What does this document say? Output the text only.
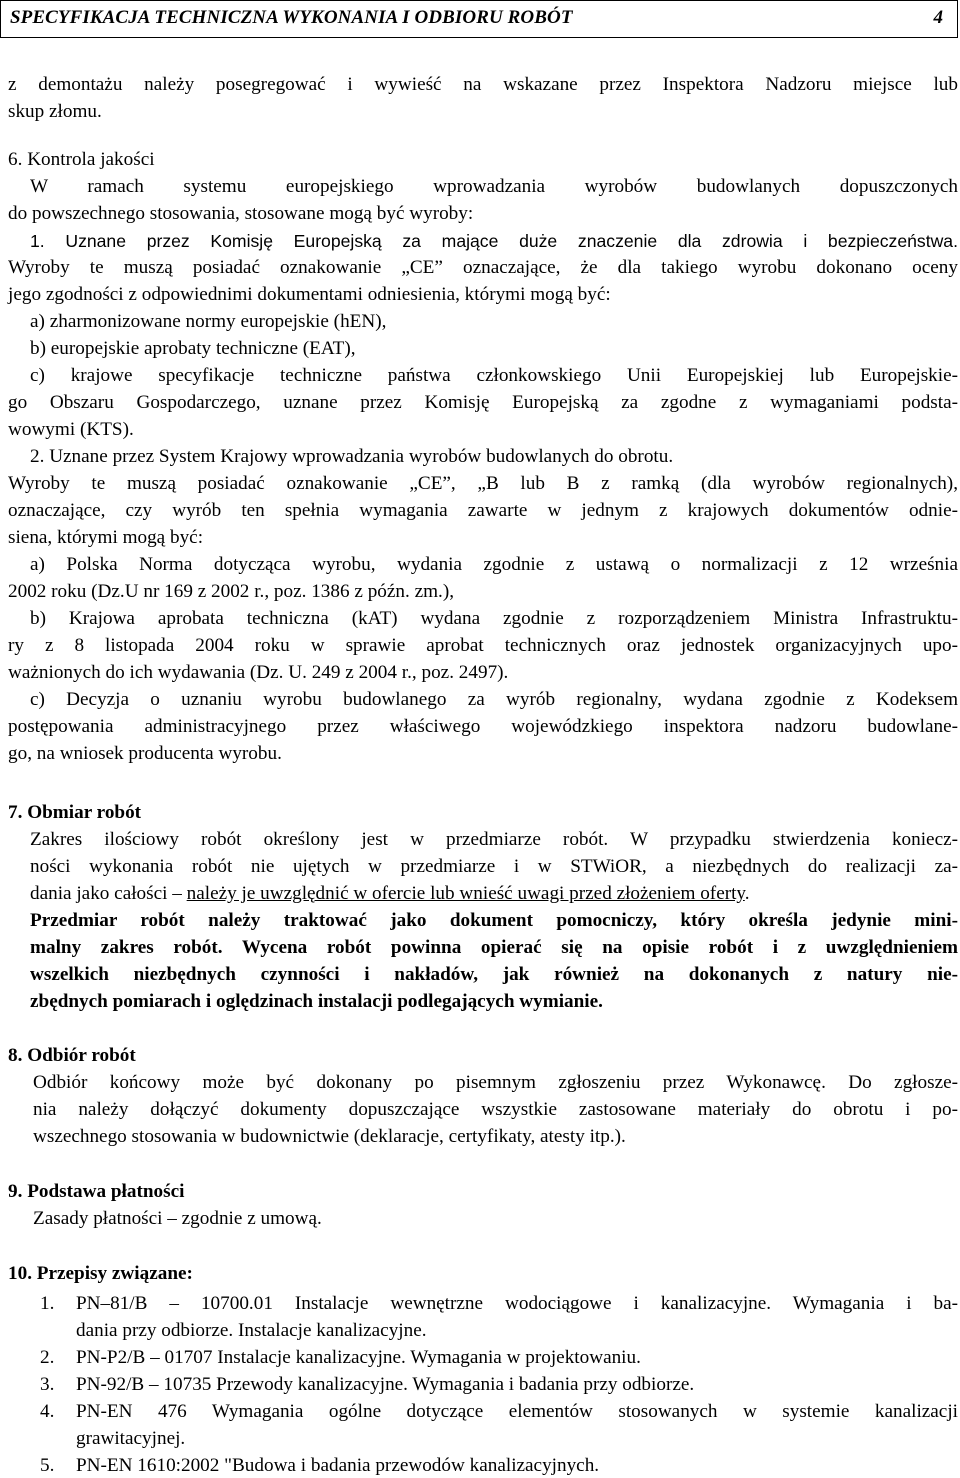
SPECYFIKACJA TECHNICZNA WYKONANIA I ODBIORU ROBÓT	4
z demontażu należy posegregować i wywieść na wskazane przez Inspektora Nadzoru miejsce lub
skup złomu.
6. Kontrola jakości
W ramach systemu europejskiego wprowadzania wyrobów budowlanych dopuszczonych
do powszechnego stosowania, stosowane mogą być wyroby:
1. Uznane przez Komisję Europejską za mające duże znaczenie dla zdrowia i bezpieczeństwa.
Wyroby te muszą posiadać oznakowanie „CE” oznaczające, że dla takiego wyrobu dokonano oceny
jego zgodności z odpowiednimi dokumentami odniesienia, którymi mogą być:
a) zharmonizowane normy europejskie (hEN),
b) europejskie aprobaty techniczne (EAT),
c) krajowe specyfikacje techniczne państwa członkowskiego Unii Europejskiej lub Europejskie-
go Obszaru Gospodarczego, uznane przez Komisję Europejską za zgodne z wymaganiami podsta-
wowymi (KTS).
2. Uznane przez System Krajowy wprowadzania wyrobów budowlanych do obrotu.
Wyroby te muszą posiadać oznakowanie „CE”, „B lub B z ramką (dla wyrobów regionalnych),
oznaczające, czy wyrób ten spełnia wymagania zawarte w jednym z krajowych dokumentów odnie-
siena, którymi mogą być:
a) Polska Norma dotycząca wyrobu, wydania zgodnie z ustawą o normalizacji z 12 września
2002 roku (Dz.U nr 169 z 2002 r., poz. 1386 z późn. zm.),
b) Krajowa aprobata techniczna (kAT) wydana zgodnie z rozporządzeniem Ministra Infrastruktu-
ry z 8 listopada 2004 roku w sprawie aprobat technicznych oraz jednostek organizacyjnych upo-
ważnionych do ich wydawania (Dz. U. 249 z 2004 r., poz. 2497).
c) Decyzja o uznaniu wyrobu budowlanego za wyrób regionalny, wydana zgodnie z Kodeksem
postępowania administracyjnego przez właściwego wojewódzkiego inspektora nadzoru budowlane-
go, na wniosek producenta wyrobu.
7. Obmiar robót
Zakres ilościowy robót określony jest w przedmiarze robót. W przypadku stwierdzenia koniecz-
ności wykonania robót nie ujętych w przedmiarze i w STWiOR, a niezbędnych do realizacji za-
dania jako całości – należy je uwzględnić w ofercie lub wnieść uwagi przed złożeniem oferty.
Przedmiar robót należy traktować jako dokument pomocniczy, który określa jedynie mini-
malny zakres robót. Wycena robót powinna opierać się na opisie robót i z uwzględnieniem
wszelkich niezbędnych czynności i nakładów, jak również na dokonanych z natury nie-
zbędnych pomiarach i oględzinach instalacji podlegających wymianie.
8. Odbiór robót
Odbiór końcowy może być dokonany po pisemnym zgłoszeniu przez Wykonawcę. Do zgłosze-
nia należy dołączyć dokumenty dopuszczające wszystkie zastosowane materiały do obrotu i po-
wszechnego stosowania w budownictwie (deklaracje, certyfikaty, atesty itp.).
9. Podstawa płatności
Zasady płatności – zgodnie z umową.
10. Przepisy związane:
1. PN–81/B – 10700.01 Instalacje wewnętrzne wodociągowe i kanalizacyjne. Wymagania i ba-
dania przy odbiorze. Instalacje kanalizacyjne.
2. PN-P2/B – 01707 Instalacje kanalizacyjne. Wymagania w projektowaniu.
3. PN-92/B – 10735 Przewody kanalizacyjne. Wymagania i badania przy odbiorze.
4. PN-EN 476 Wymagania ogólne dotyczące elementów stosowanych w systemie kanalizacji
grawitacyjnej.
5. PN-EN 1610:2002 "Budowa i badania przewodów kanalizacyjnych.
